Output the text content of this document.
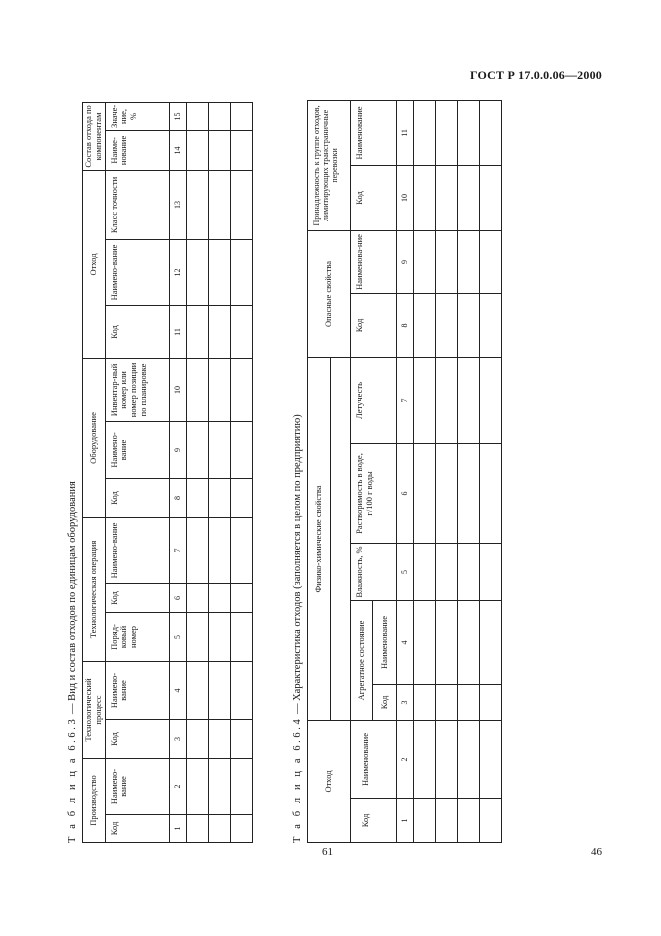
ГОСТ Р 17.0.0.06—2000
Т а б л и ц а 6.6.3 — Вид и состав отходов по единицам оборудования
Производство		Технологический процесс		Технологическая операция			Оборудование			Отход			Состав отхода по компонентам	
Код	Наимено-вание	Код	Наимено-вание	Поряд-ковый номер	Код	Наимено-вание	Код	Наимено-вание	Инвентар-ный номер или номер позиции по планировке	Код	Наимено-вание	Класс точности	Наиме-нование	Значе-ние, %
1	2	3	4	5	6	7	8	9	10	11	12	13	14	15

Т а б л и ц а 6.6.4 — Характеристика отходов (заполняется в целом по предприятию)
Отход		Физико-химические свойства					Опасные свойства		Принадлежность к группе отходов, лимитирующих трансграничные перевозки	

Код	Наименование	Агрегатное состояние		Влажность, %	Растворимость в воде, г/100 г воды	Летучесть	Код	Наименова-ние	Код	Наименование
		Код	Наименование							
1	2	3	4	5	6	7	8	9	10	11

61	46
